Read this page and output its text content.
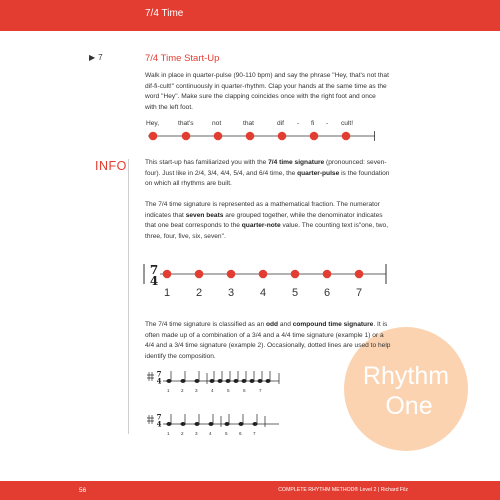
7/4 Time
Rhythm
One
▶ 7	7/4 Time Start-Up
Walk in place in quarter-pulse (90-110 bpm) and say the phrase "Hey, that's not that
dif-fi-cult!" continuously in quarter-rhythm. Clap your hands at the same time as the
word "Hey". Make sure the clapping coincides once with the right foot and once
with the left foot.
Hey,	that's	not	that	dif - fi - cult!
INFO	This start-up has familiarized you with the 7/4 time signature (pronounced: seven-
four). Just like in 2/4, 3/4, 4/4, 5/4, and 6/4 time, the quarter-pulse is the foundation
on which all rhythms are built.
The 7/4 time signature is represented as a mathematical fraction. The numerator
indicates that seven beats are grouped together, while the denominator indicates
that one beat corresponds to the quarter-note value. The counting text is"one, two,
three, four, five, six, seven".
7
4
1 2 3 4 5 6 7
The 7/4 time signature is classified as an odd and compound time signature. It is
often made up of a combination of a 3/4 and a 4/4 time signature (example 1) or a
4/4 and a 3/4 time signature (example 2). Occasionally, dotted lines are used to help
identify the composition.
7
4
1 2 3	4	5	6	7
7
4
1 2 3 4	5 6 7
56	COMPLETE RHYTHM METHOD® Level 2 | Richard Filz
